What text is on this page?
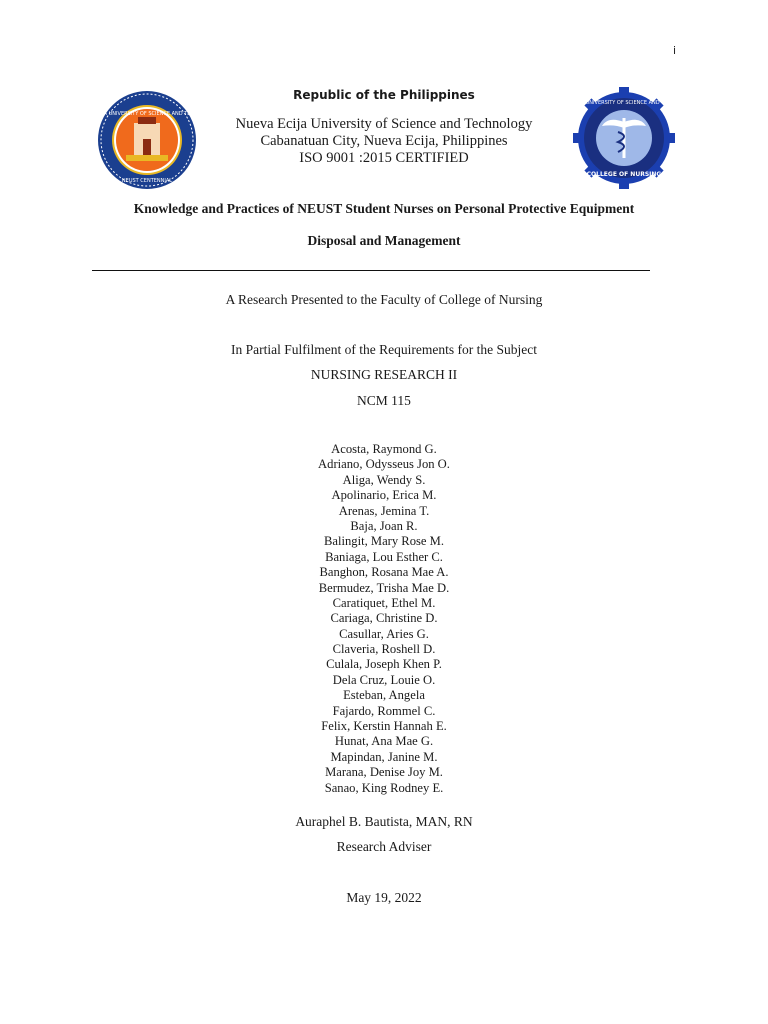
i
Republic of the Philippines
Nueva Ecija University of Science and Technology
Cabanatuan City, Nueva Ecija, Philippines
ISO 9001 :2015 CERTIFIED
NUEVA ECIJA UNIVERSITY OF SCIENCE AND TECHNOLOGY
NEUST CENTENNIAL
NUEVA ECIJA UNIVERSITY OF SCIENCE AND TECHNOLOGY
COLLEGE OF NURSING
Knowledge and Practices of NEUST Student Nurses on Personal Protective Equipment
Disposal and Management
A Research Presented to the Faculty of College of Nursing
In Partial Fulfilment of the Requirements for the Subject
NURSING RESEARCH II
NCM 115
Acosta, Raymond G.
Adriano, Odysseus Jon O.
Aliga, Wendy S.
Apolinario, Erica M.
Arenas, Jemina T.
Baja, Joan R.
Balingit, Mary Rose M.
Baniaga, Lou Esther C.
Banghon, Rosana Mae A.
Bermudez, Trisha Mae D.
Caratiquet, Ethel M.
Cariaga, Christine D.
Casullar, Aries G.
Claveria, Roshell D.
Culala, Joseph Khen P.
Dela Cruz, Louie O.
Esteban, Angela
Fajardo, Rommel C.
Felix, Kerstin Hannah E.
Hunat, Ana Mae G.
Mapindan, Janine M.
Marana, Denise Joy M.
Sanao, King Rodney E.
Auraphel B. Bautista, MAN, RN
Research Adviser
May 19, 2022
